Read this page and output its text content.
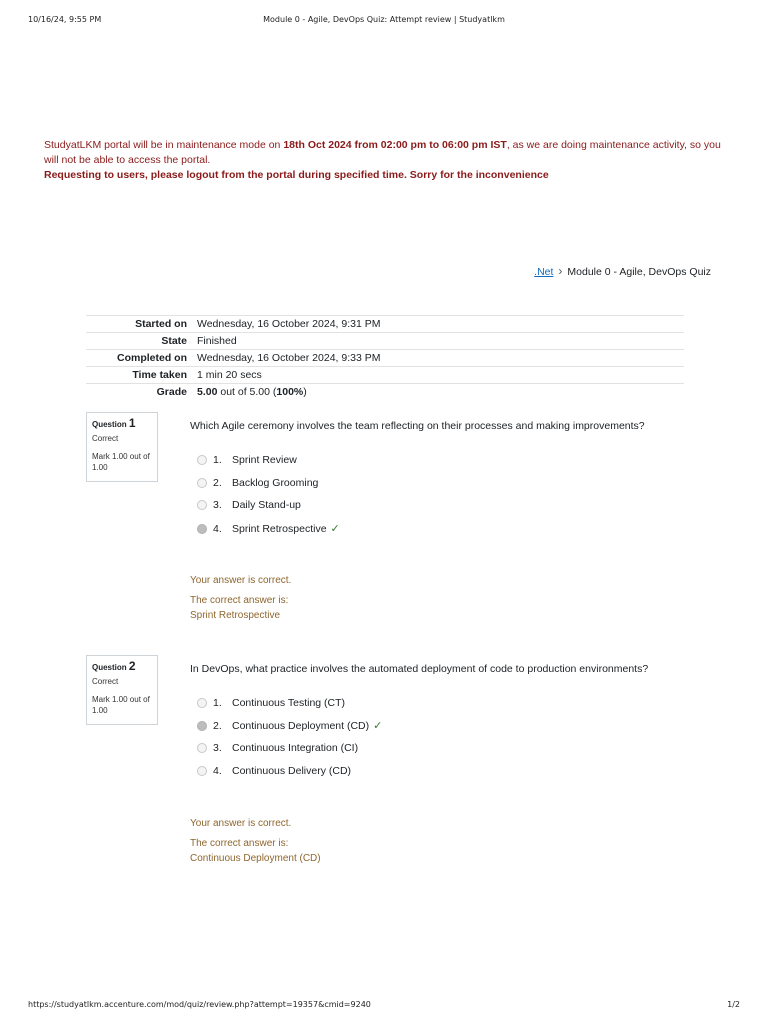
10/16/24, 9:55 PM	Module 0 - Agile, DevOps Quiz: Attempt review | Studyatlkm
StudyatLKM portal will be in maintenance mode on 18th Oct 2024 from 02:00 pm to 06:00 pm IST, as we are doing maintenance activity, so you will not be able to access the portal.
Requesting to users, please logout from the portal during specified time. Sorry for the inconvenience
.Net › Module 0 - Agile, DevOps Quiz
Started on	Wednesday, 16 October 2024, 9:31 PM
State	Finished
Completed on	Wednesday, 16 October 2024, 9:33 PM
Time taken	1 min 20 secs
Grade	5.00 out of 5.00 (100%)
Question 1
Correct
Mark 1.00 out of 1.00
Which Agile ceremony involves the team reflecting on their processes and making improvements?
1. Sprint Review
2. Backlog Grooming
3. Daily Stand-up
4. Sprint Retrospective ✓
Your answer is correct.
The correct answer is:
Sprint Retrospective
Question 2
Correct
Mark 1.00 out of 1.00
In DevOps, what practice involves the automated deployment of code to production environments?
1. Continuous Testing (CT)
2. Continuous Deployment (CD) ✓
3. Continuous Integration (CI)
4. Continuous Delivery (CD)
Your answer is correct.
The correct answer is:
Continuous Deployment (CD)
https://studyatlkm.accenture.com/mod/quiz/review.php?attempt=19357&cmid=9240	1/2
